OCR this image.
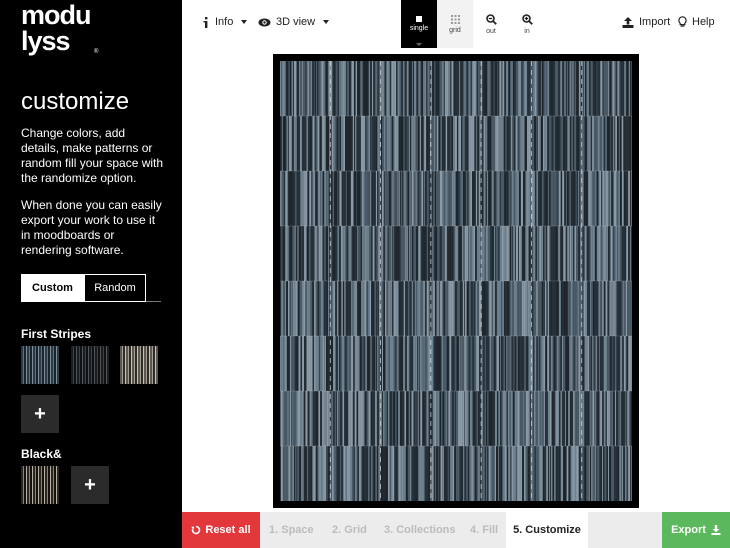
modu
lyss	®
customize

Change colors, add details, make patterns or random fill your space with the randomize option.

When done you can easily export your work to use it in moodboards or rendering software.

Custom	Random
First Stripes
+
Black&
+
Info	3D view
single	grid	out	in
Import Help
Reset all 1. Space 2. Grid 3. Collections 4. Fill	5. Customize	Export
